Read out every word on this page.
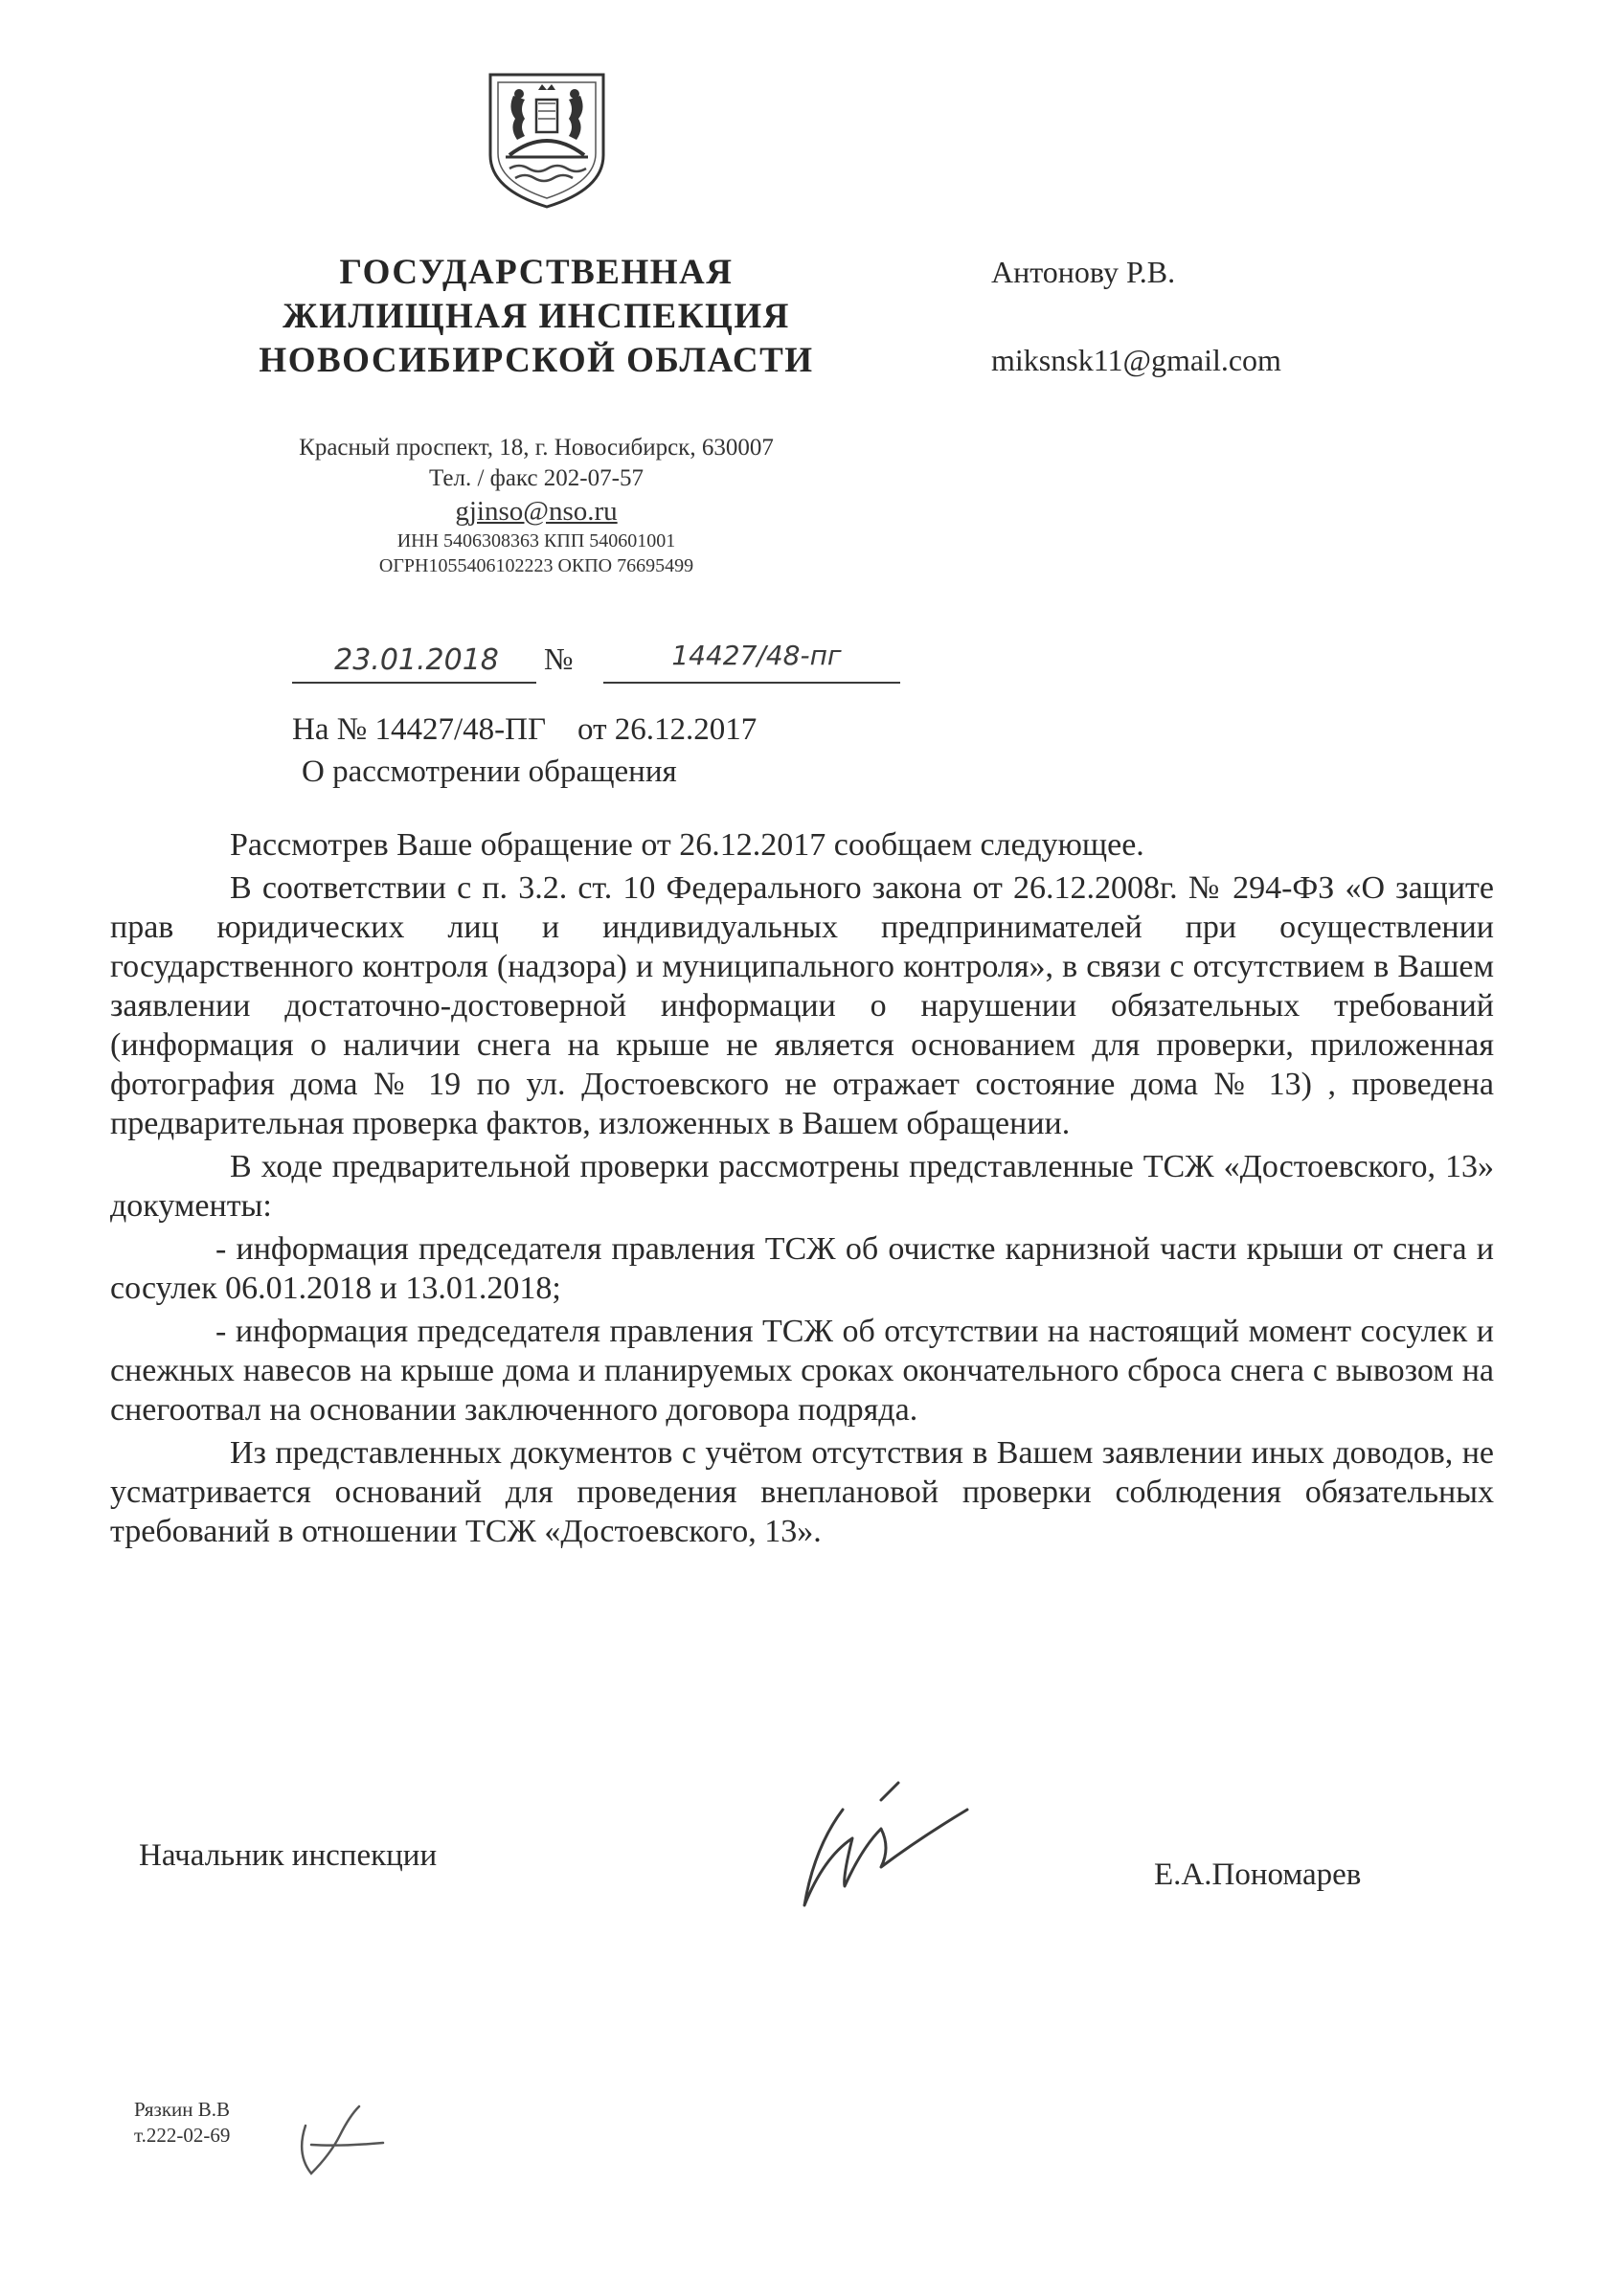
ГОСУДАРСТВЕННАЯ
ЖИЛИЩНАЯ ИНСПЕКЦИЯ
НОВОСИБИРСКОЙ ОБЛАСТИ
Красный проспект, 18, г. Новосибирск, 630007
Тел. / факс 202-07-57
gjinso@nso.ru
ИНН 5406308363 КПП 540601001
ОГРН1055406102223 ОКПО 76695499
Антонову Р.В.
miksnsk11@gmail.com
23.01.2018	№	14427/48-пг
На № 14427/48-ПГ от 26.12.2017
О рассмотрении обращения

Рассмотрев Ваше обращение от 26.12.2017 сообщаем следующее.

В соответствии с п. 3.2. ст. 10 Федерального закона от 26.12.2008г. № 294-ФЗ «О защите прав юридических лиц и индивидуальных предпринимателей при осуществлении государственного контроля (надзора) и муниципального контроля», в связи с отсутствием в Вашем заявлении достаточно-достоверной информации о нарушении обязательных требований (информация о наличии снега на крыше не является основанием для проверки, приложенная фотография дома № 19 по ул. Достоевского не отражает состояние дома № 13) , проведена предварительная проверка фактов, изложенных в Вашем обращении.

В ходе предварительной проверки рассмотрены представленные ТСЖ «Достоевского, 13» документы:

- информация председателя правления ТСЖ об очистке карнизной части крыши от снега и сосулек 06.01.2018 и 13.01.2018;

- информация председателя правления ТСЖ об отсутствии на настоящий момент сосулек и снежных навесов на крыше дома и планируемых сроках окончательного сброса снега с вывозом на снегоотвал на основании заключенного договора подряда.

Из представленных документов с учётом отсутствия в Вашем заявлении иных доводов, не усматривается оснований для проведения внеплановой проверки соблюдения обязательных требований в отношении ТСЖ «Достоевского, 13».

Начальник инспекции
Е.А.Пономарев
Рязкин В.В
т.222-02-69
